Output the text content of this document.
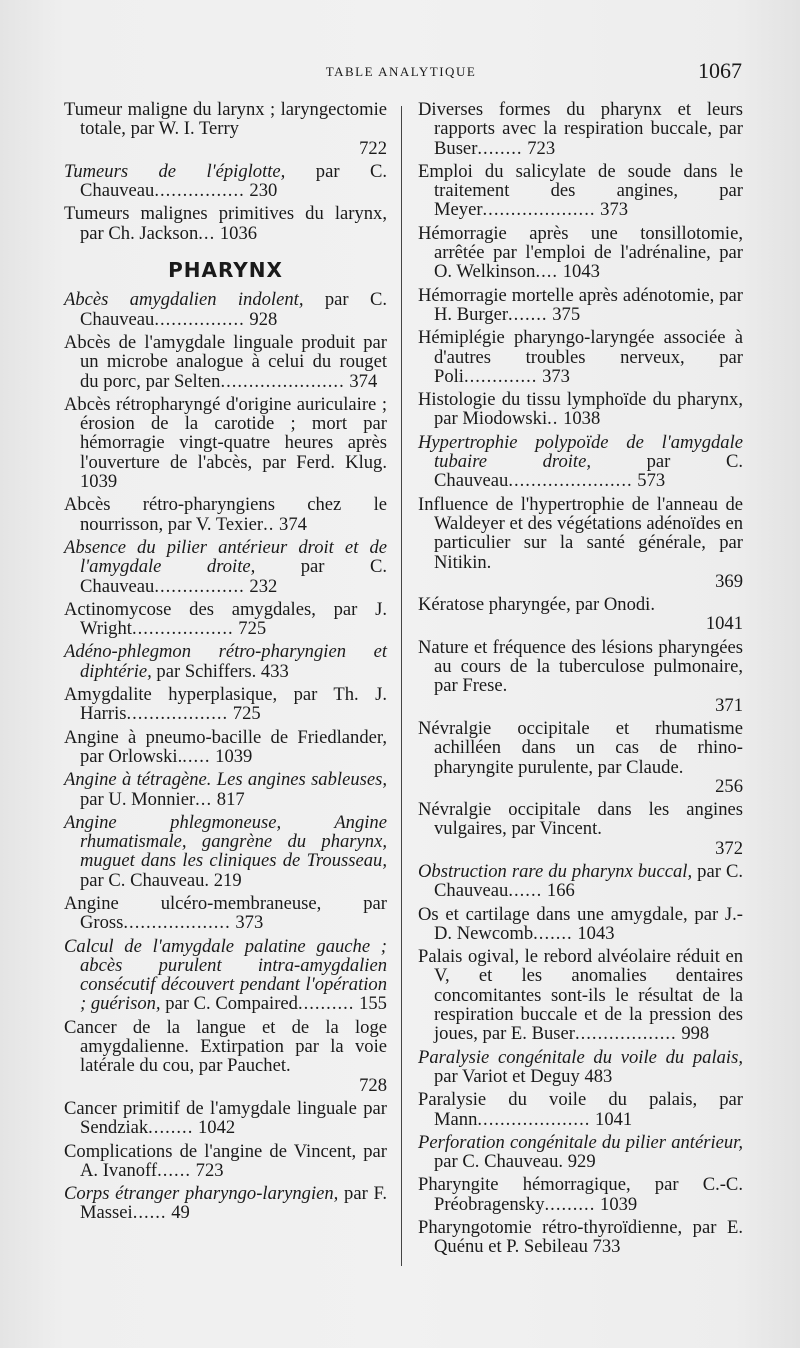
TABLE ANALYTIQUE	1067
Tumeur maligne du larynx ; laryngectomie totale, par W. I. Terry
722
Tumeurs de l'épiglotte, par C. Chauveau................ 230
Tumeurs malignes primitives du larynx, par Ch. Jackson... 1036
PHARYNX
Abcès amygdalien indolent, par C. Chauveau................ 928
Abcès de l'amygdale linguale produit par un microbe analogue à celui du rouget du porc, par Selten...................... 374
Abcès rétropharyngé d'origine auriculaire ; érosion de la carotide ; mort par hémorragie vingt-quatre heures après l'ouverture de l'abcès, par Ferd. Klug. 1039
Abcès rétro-pharyngiens chez le nourrisson, par V. Texier.. 374
Absence du pilier antérieur droit et de l'amygdale droite, par C. Chauveau................ 232
Actinomycose des amygdales, par J. Wright.................. 725
Adéno-phlegmon rétro-pharyngien et diphtérie, par Schiffers. 433
Amygdalite hyperplasique, par Th. J. Harris.................. 725
Angine à pneumo-bacille de Friedlander, par Orlowski...... 1039
Angine à tétragène. Les angines sableuses, par U. Monnier... 817
Angine phlegmoneuse, Angine rhumatismale, gangrène du pharynx, muguet dans les cliniques de Trousseau, par C. Chauveau. 219
Angine ulcéro-membraneuse, par Gross................... 373
Calcul de l'amygdale palatine gauche ; abcès purulent intra-amygdalien consécutif découvert pendant l'opération ; guérison, par C. Compaired.......... 155
Cancer de la langue et de la loge amygdalienne. Extirpation par la voie latérale du cou, par Pauchet.
728
Cancer primitif de l'amygdale linguale par Sendziak........ 1042
Complications de l'angine de Vincent, par A. Ivanoff...... 723
Corps étranger pharyngo-laryngien, par F. Massei...... 49
Diverses formes du pharynx et leurs rapports avec la respiration buccale, par Buser........ 723
Emploi du salicylate de soude dans le traitement des angines, par Meyer.................... 373
Hémorragie après une tonsillotomie, arrêtée par l'emploi de l'adrénaline, par O. Welkinson.... 1043
Hémorragie mortelle après adénotomie, par H. Burger....... 375
Hémiplégie pharyngo-laryngée associée à d'autres troubles nerveux, par Poli............. 373
Histologie du tissu lymphoïde du pharynx, par Miodowski.. 1038
Hypertrophie polypoïde de l'amygdale tubaire droite, par C. Chauveau...................... 573
Influence de l'hypertrophie de l'anneau de Waldeyer et des végétations adénoïdes en particulier sur la santé générale, par Nitikin.
369
Kératose pharyngée, par Onodi.
1041
Nature et fréquence des lésions pharyngées au cours de la tuberculose pulmonaire, par Frese.
371
Névralgie occipitale et rhumatisme achilléen dans un cas de rhino-pharyngite purulente, par Claude.
256
Névralgie occipitale dans les angines vulgaires, par Vincent.
372
Obstruction rare du pharynx buccal, par C. Chauveau...... 166
Os et cartilage dans une amygdale, par J.-D. Newcomb....... 1043
Palais ogival, le rebord alvéolaire réduit en V, et les anomalies dentaires concomitantes sont-ils le résultat de la respiration buccale et de la pression des joues, par E. Buser.................. 998
Paralysie congénitale du voile du palais, par Variot et Deguy 483
Paralysie du voile du palais, par Mann.................... 1041
Perforation congénitale du pilier antérieur, par C. Chauveau. 929
Pharyngite hémorragique, par C.-C. Préobragensky......... 1039
Pharyngotomie rétro-thyroïdienne, par E. Quénu et P. Sebileau 733
